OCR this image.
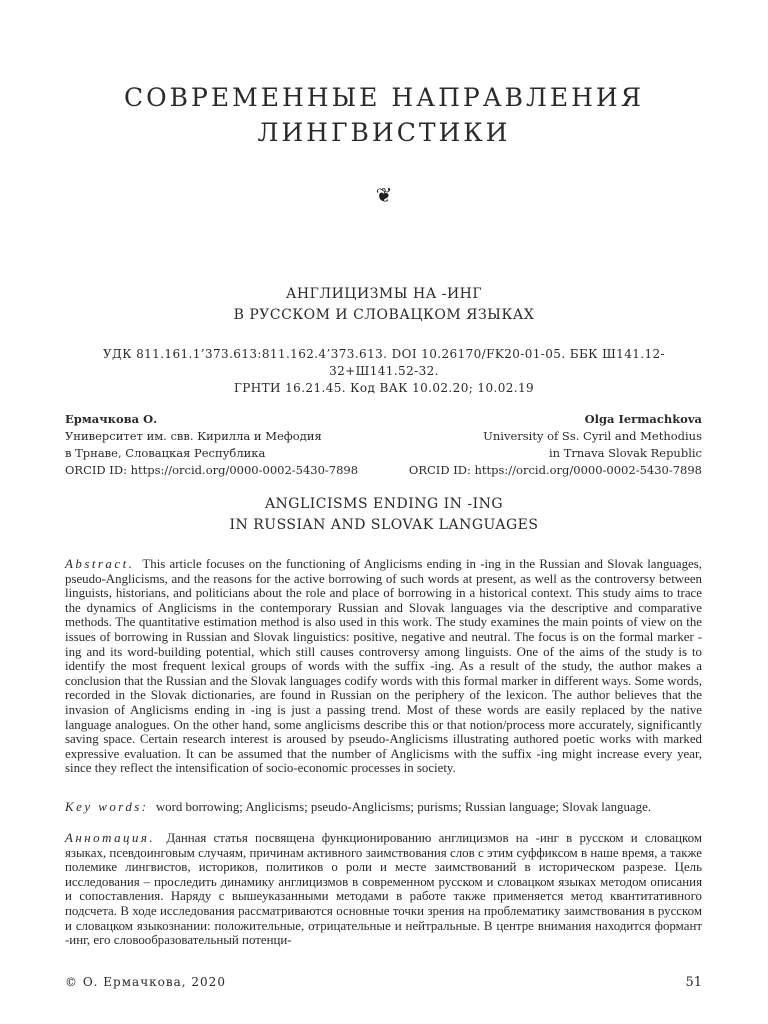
СОВРЕМЕННЫЕ НАПРАВЛЕНИЯ
ЛИНГВИСТИКИ
❦
АНГЛИЦИЗМЫ НА -ИНГ
В РУССКОМ И СЛОВАЦКОМ ЯЗЫКАХ
УДК 811.161.1’373.613:811.162.4’373.613. DOI 10.26170/FK20-01-05. ББК Ш141.12-32+Ш141.52-32.
ГРНТИ 16.21.45. Код ВАК 10.02.20; 10.02.19
Ермачкова О.
Университет им. свв. Кирилла и Мефодия
в Трнаве, Словацкая Республика
ORCID ID: https://orcid.org/0000-0002-5430-7898
Olga Iermachkova
University of Ss. Cyril and Methodius
in Trnava Slovak Republic
ORCID ID: https://orcid.org/0000-0002-5430-7898
ANGLICISMS ENDING IN -ING
IN RUSSIAN AND SLOVAK LANGUAGES
Abstract. This article focuses on the functioning of Anglicisms ending in -ing in the Russian and Slovak languages, pseudo-Anglicisms, and the reasons for the active borrowing of such words at present, as well as the controversy between linguists, historians, and politicians about the role and place of borrowing in a historical context. This study aims to trace the dynamics of Anglicisms in the contemporary Russian and Slovak languages via the descriptive and comparative methods. The quantitative estimation method is also used in this work. The study examines the main points of view on the issues of borrowing in Russian and Slovak linguistics: positive, negative and neutral. The focus is on the formal marker -ing and its word-building potential, which still causes controversy among linguists. One of the aims of the study is to identify the most frequent lexical groups of words with the suffix -ing. As a result of the study, the author makes a conclusion that the Russian and the Slovak languages codify words with this formal marker in different ways. Some words, recorded in the Slovak dictionaries, are found in Russian on the periphery of the lexicon. The author believes that the invasion of Anglicisms ending in -ing is just a passing trend. Most of these words are easily replaced by the native language analogues. On the other hand, some anglicisms describe this or that notion/process more accurately, significantly saving space. Certain research interest is aroused by pseudo-Anglicisms illustrating authored poetic works with marked expressive evaluation. It can be assumed that the number of Anglicisms with the suffix -ing might increase every year, since they reflect the intensification of socio-economic processes in society.
Key words: word borrowing; Anglicisms; pseudo-Anglicisms; purisms; Russian language; Slovak language.
Аннотация. Данная статья посвящена функционированию англицизмов на -инг в русском и словацком языках, псевдоинговым случаям, причинам активного заимствования слов с этим суффиксом в наше время, а также полемике лингвистов, историков, политиков о роли и месте заимствований в историческом разрезе. Цель исследования – проследить динамику англицизмов в современном русском и словацком языках методом описания и сопоставления. Наряду с вышеуказанными методами в работе также применяется метод квантитативного подсчета. В ходе исследования рассматриваются основные точки зрения на проблематику заимствования в русском и словацком языкознании: положительные, отрицательные и нейтральные. В центре внимания находится формант -инг, его словообразовательный потенци-
© О. Ермачкова, 2020	51
